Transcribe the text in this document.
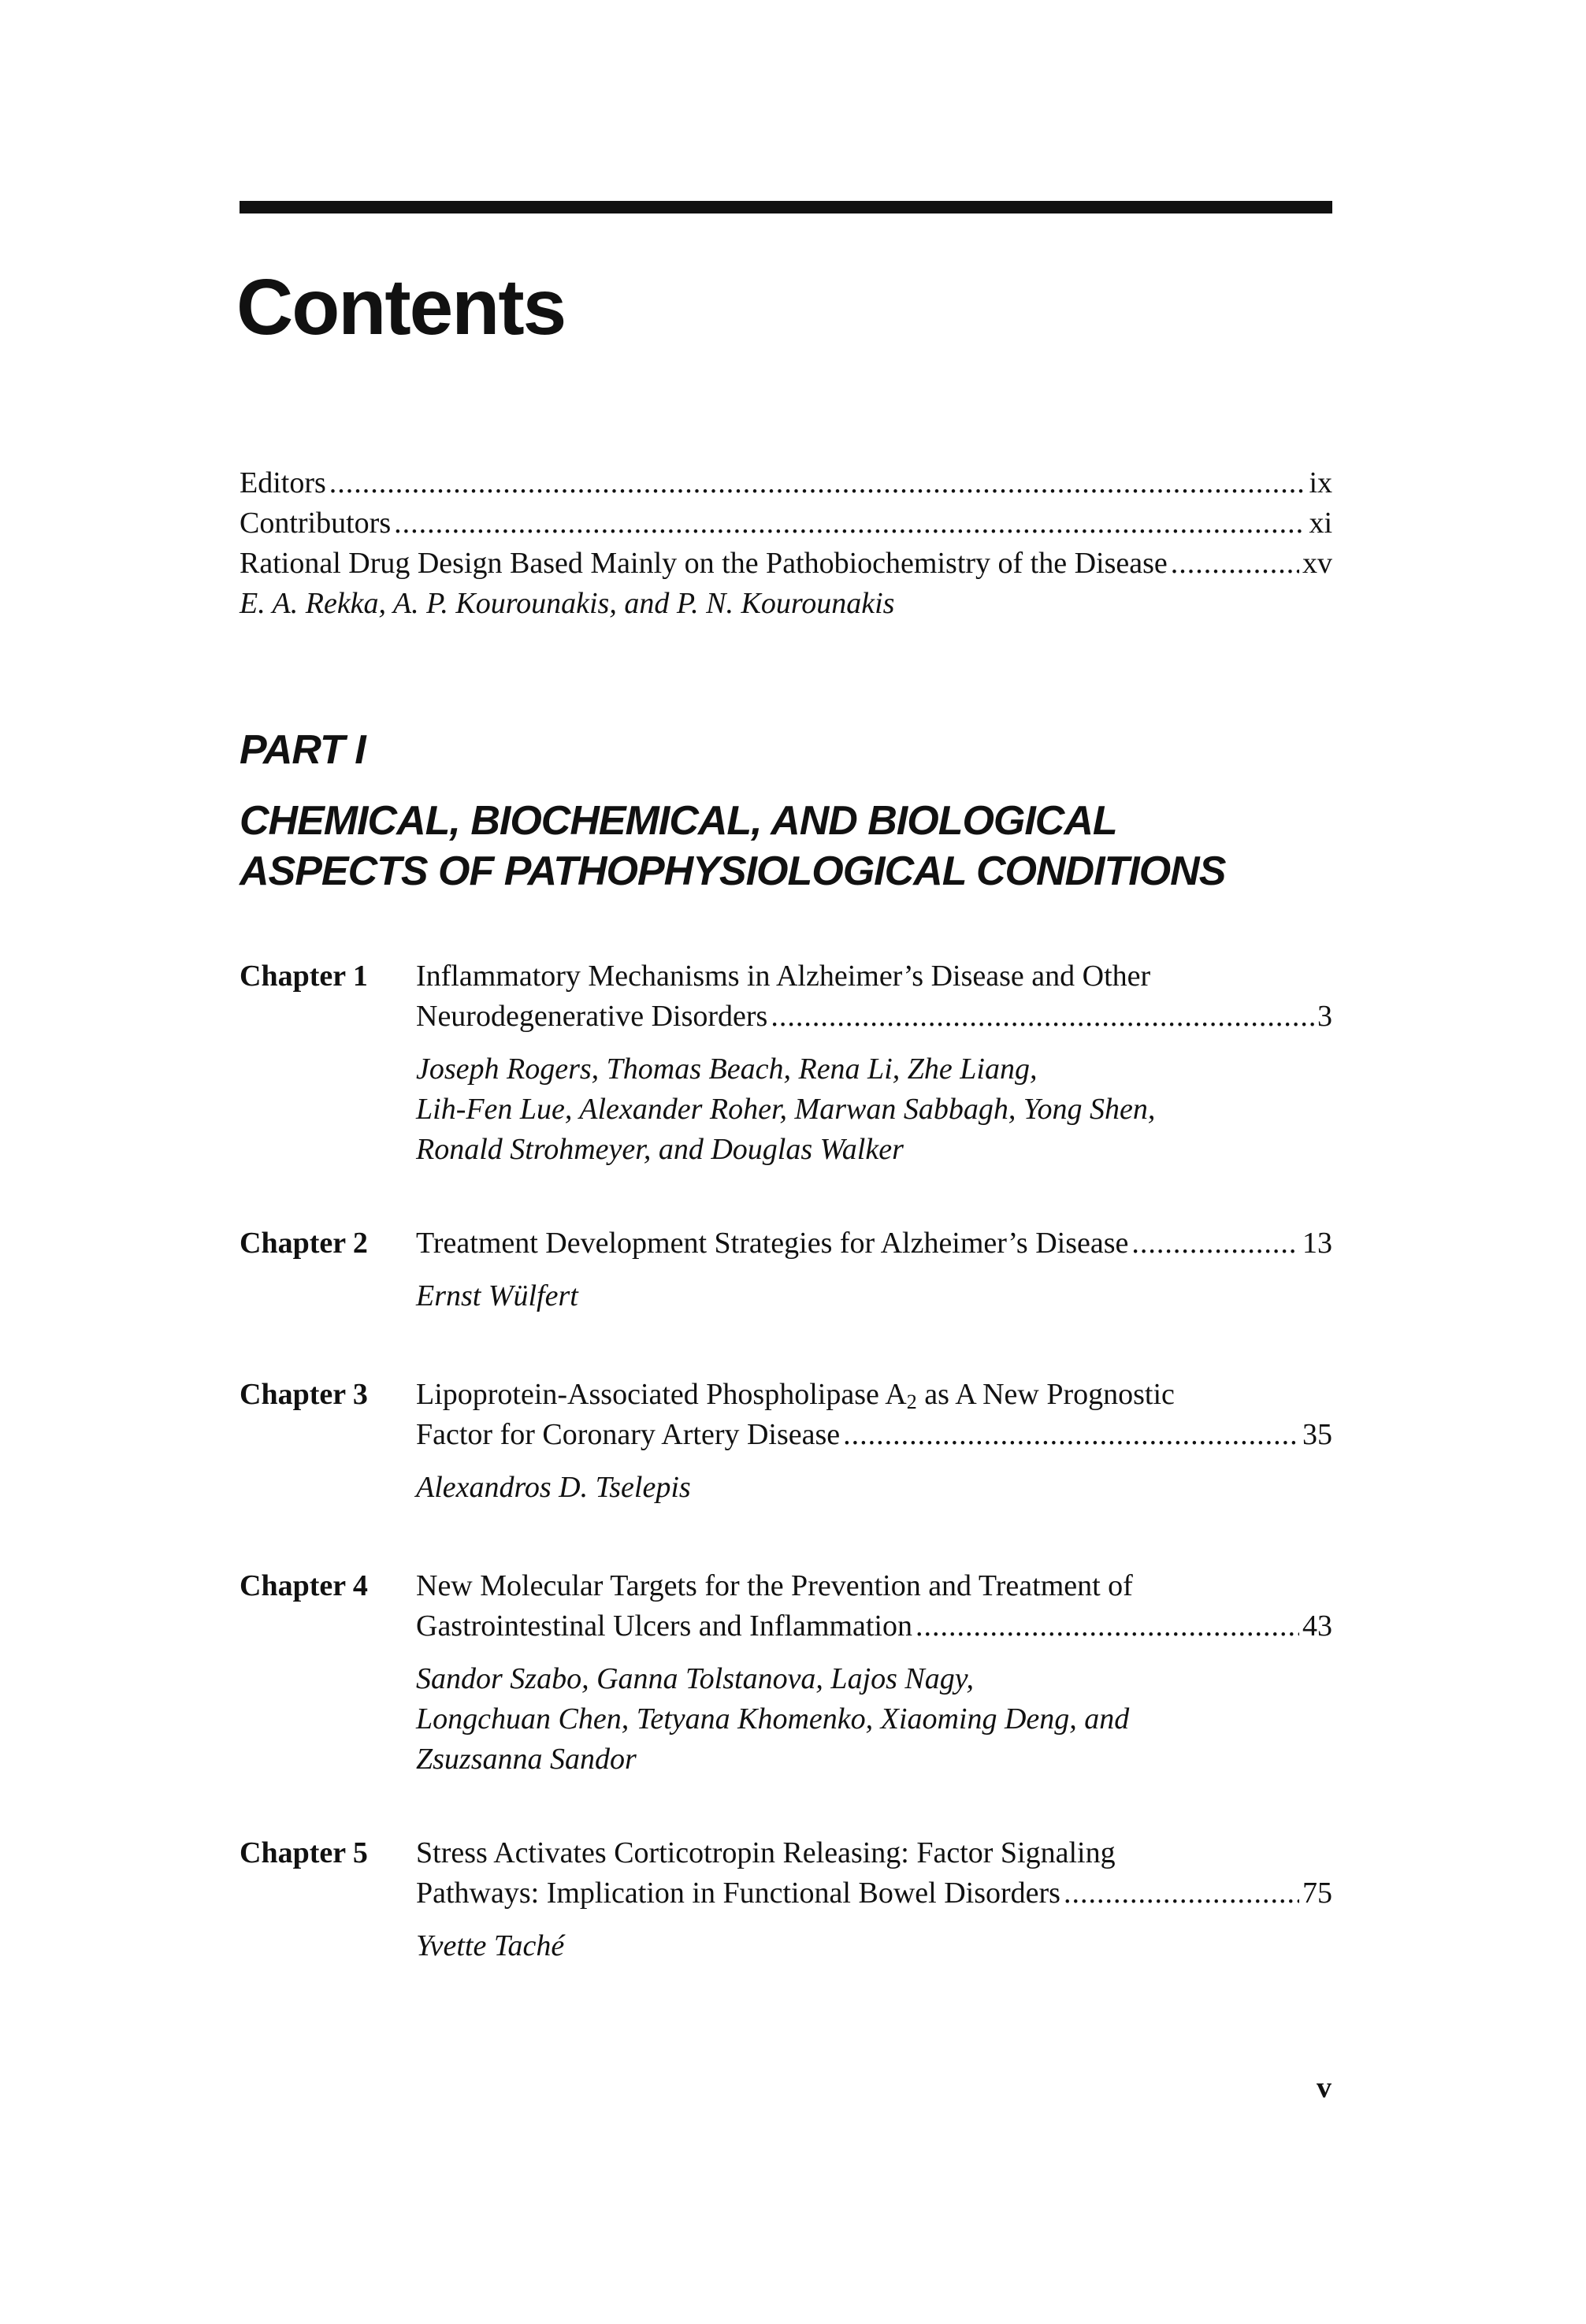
Contents
Editors .....	ix
Contributors .....	xi
Rational Drug Design Based Mainly on the Pathobiochemistry of the Disease .....	xv
E. A. Rekka, A. P. Kourounakis, and P. N. Kourounakis
PART I
CHEMICAL, BIOCHEMICAL, AND BIOLOGICAL
ASPECTS OF PATHOPHYSIOLOGICAL CONDITIONS
Chapter 1 Inflammatory Mechanisms in Alzheimer’s Disease and Other
Neurodegenerative Disorders .....	3
Joseph Rogers, Thomas Beach, Rena Li, Zhe Liang,
Lih-Fen Lue, Alexander Roher, Marwan Sabbagh, Yong Shen,
Ronald Strohmeyer, and Douglas Walker
Chapter 2 Treatment Development Strategies for Alzheimer’s Disease .....	13
Ernst Wülfert
Chapter 3 Lipoprotein-Associated Phospholipase $A_2$ as A New Prognostic
Factor for Coronary Artery Disease .....	35
Alexandros D. Tselepis
Chapter 4 New Molecular Targets for the Prevention and Treatment of
Gastrointestinal Ulcers and Inflammation .....	43
Sandor Szabo, Ganna Tolstanova, Lajos Nagy,
Longchuan Chen, Tetyana Khomenko, Xiaoming Deng, and
Zsuzsanna Sandor
Chapter 5 Stress Activates Corticotropin Releasing: Factor Signaling
Pathways: Implication in Functional Bowel Disorders .....	75
Yvette Taché
v
